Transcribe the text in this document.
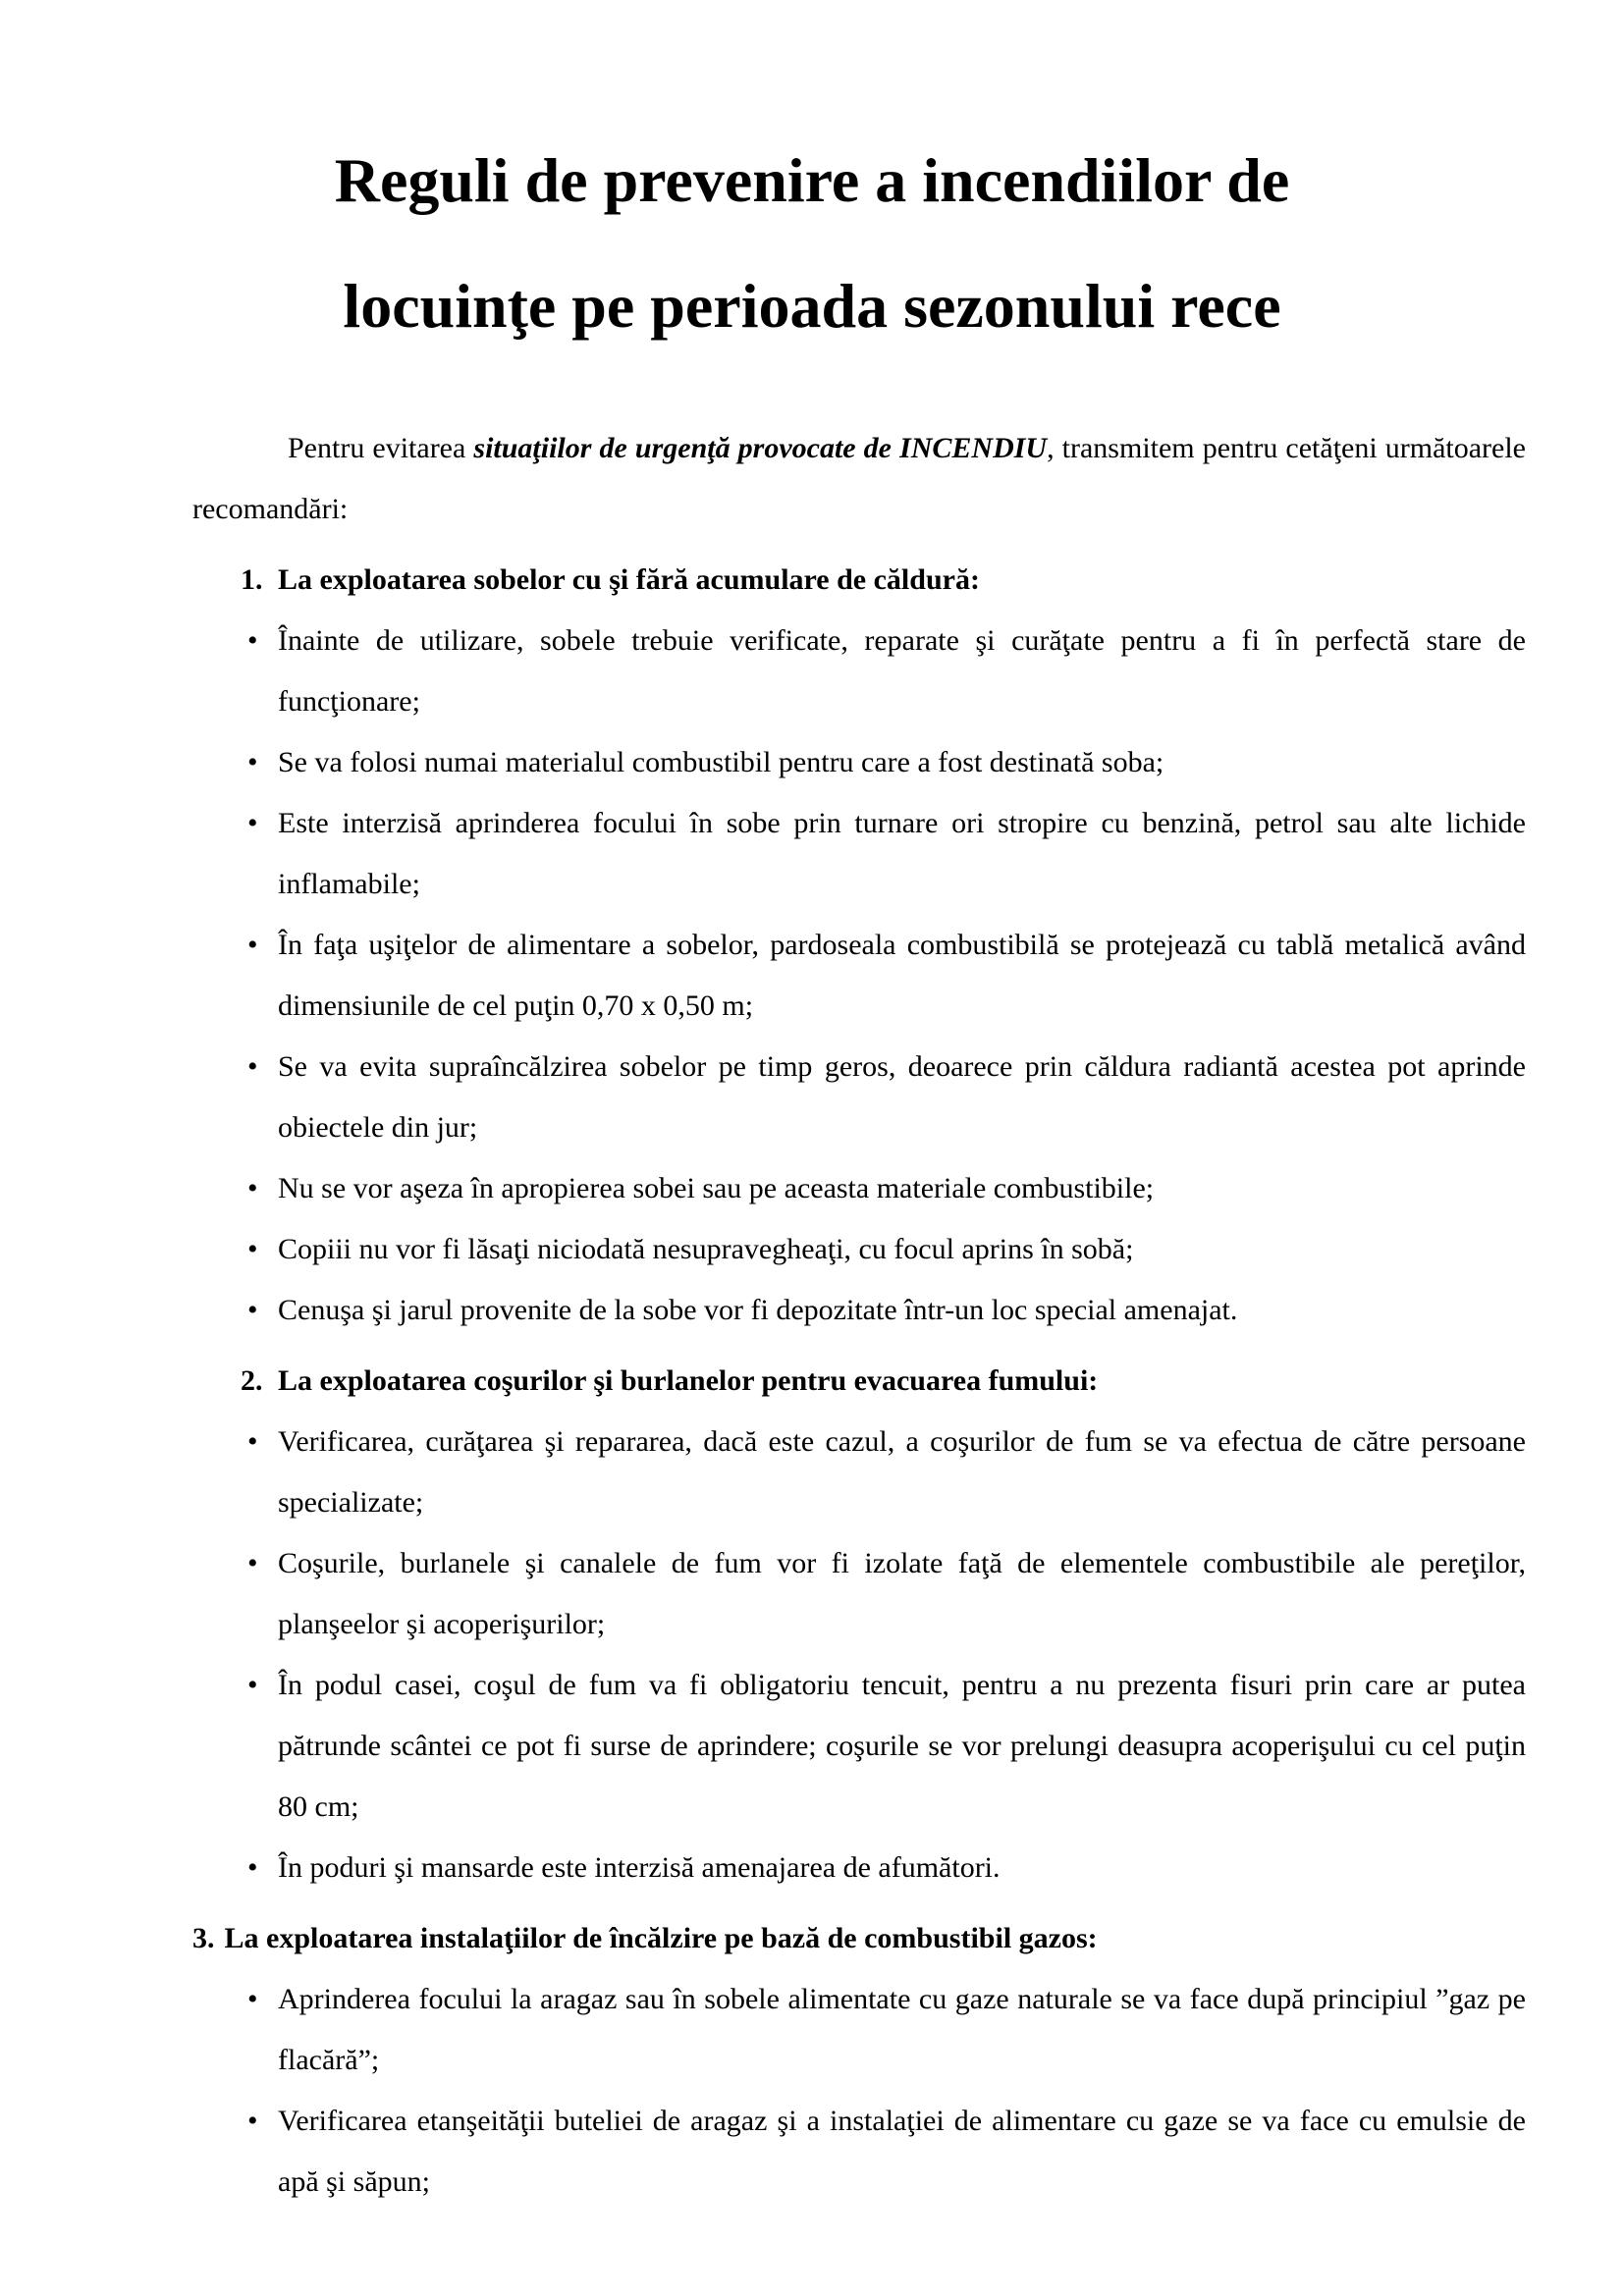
Reguli de prevenire a incendiilor de
locuinţe pe perioada sezonului rece

Pentru evitarea situaţiilor de urgenţă provocate de INCENDIU, transmitem pentru cetăţeni următoarele recomandări:

1. La exploatarea sobelor cu şi fără acumulare de căldură:
• Înainte de utilizare, sobele trebuie verificate, reparate şi curăţate pentru a fi în perfectă stare de funcţionare;
• Se va folosi numai materialul combustibil pentru care a fost destinată soba;
• Este interzisă aprinderea focului în sobe prin turnare ori stropire cu benzină, petrol sau alte lichide inflamabile;
• În faţa uşiţelor de alimentare a sobelor, pardoseala combustibilă se protejează cu tablă metalică având dimensiunile de cel puţin 0,70 x 0,50 m;
• Se va evita supraîncălzirea sobelor pe timp geros, deoarece prin căldura radiantă acestea pot aprinde obiectele din jur;
• Nu se vor aşeza în apropierea sobei sau pe aceasta materiale combustibile;
• Copiii nu vor fi lăsaţi niciodată nesupravegheaţi, cu focul aprins în sobă;
• Cenuşa şi jarul provenite de la sobe vor fi depozitate într-un loc special amenajat.
2. La exploatarea coşurilor şi burlanelor pentru evacuarea fumului:
• Verificarea, curăţarea şi repararea, dacă este cazul, a coşurilor de fum se va efectua de către persoane specializate;
• Coşurile, burlanele şi canalele de fum vor fi izolate faţă de elementele combustibile ale pereţilor, planşeelor şi acoperişurilor;
• În podul casei, coşul de fum va fi obligatoriu tencuit, pentru a nu prezenta fisuri prin care ar putea pătrunde scântei ce pot fi surse de aprindere; coşurile se vor prelungi deasupra acoperişului cu cel puţin 80 cm;
• În poduri şi mansarde este interzisă amenajarea de afumători.
3. La exploatarea instalaţiilor de încălzire pe bază de combustibil gazos:
• Aprinderea focului la aragaz sau în sobele alimentate cu gaze naturale se va face după principiul ”gaz pe flacără”;
• Verificarea etanşeităţii buteliei de aragaz şi a instalaţiei de alimentare cu gaze se va face cu emulsie de apă şi săpun;
